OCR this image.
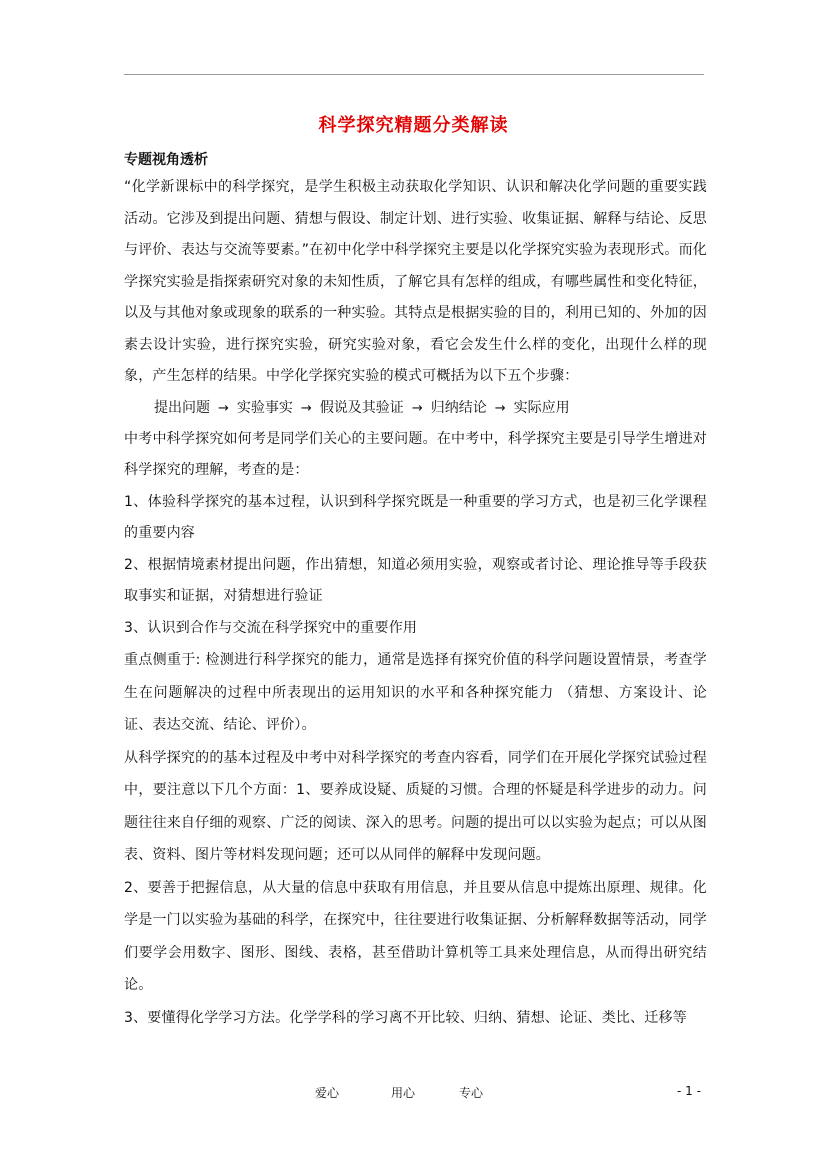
科学探究精题分类解读
专题视角透析

“化学新课标中的科学探究，是学生积极主动获取化学知识、认识和解决化学问题的重要实践活动。它涉及到提出问题、猜想与假设、制定计划、进行实验、收集证据、解释与结论、反思与评价、表达与交流等要素。”在初中化学中科学探究主要是以化学探究实验为表现形式。而化学探究实验是指探索研究对象的未知性质，了解它具有怎样的组成，有哪些属性和变化特征，以及与其他对象或现象的联系的一种实验。其特点是根据实验的目的，利用已知的、外加的因素去设计实验，进行探究实验，研究实验对象，看它会发生什么样的变化，出现什么样的现象，产生怎样的结果。中学化学探究实验的模式可概括为以下五个步骤：

提出问题 → 实验事实 → 假说及其验证 → 归纳结论 → 实际应用

中考中科学探究如何考是同学们关心的主要问题。在中考中，科学探究主要是引导学生增进对科学探究的理解，考查的是：

1、体验科学探究的基本过程，认识到科学探究既是一种重要的学习方式，也是初三化学课程的重要内容

2、根据情境素材提出问题，作出猜想，知道必须用实验，观察或者讨论、理论推导等手段获取事实和证据，对猜想进行验证

3、认识到合作与交流在科学探究中的重要作用

重点侧重于: 检测进行科学探究的能力，通常是选择有探究价值的科学问题设置情景，考查学生在问题解决的过程中所表现出的运用知识的水平和各种探究能力 （猜想、方案设计、论证、表达交流、结论、评价）。

从科学探究的的基本过程及中考中对科学探究的考查内容看，同学们在开展化学探究试验过程中，要注意以下几个方面：1、要养成设疑、质疑的习惯。合理的怀疑是科学进步的动力。问题往往来自仔细的观察、广泛的阅读、深入的思考。问题的提出可以以实验为起点；可以从图表、资料、图片等材料发现问题；还可以从同伴的解释中发现问题。

2、要善于把握信息，从大量的信息中获取有用信息，并且要从信息中提炼出原理、规律。化学是一门以实验为基础的科学，在探究中，往往要进行收集证据、分析解释数据等活动，同学们要学会用数字、图形、图线、表格，甚至借助计算机等工具来处理信息，从而得出研究结论。

3、要懂得化学学习方法。化学学科的学习离不开比较、归纳、猜想、论证、类比、迁移等

爱心	用心	专心	- 1 -
